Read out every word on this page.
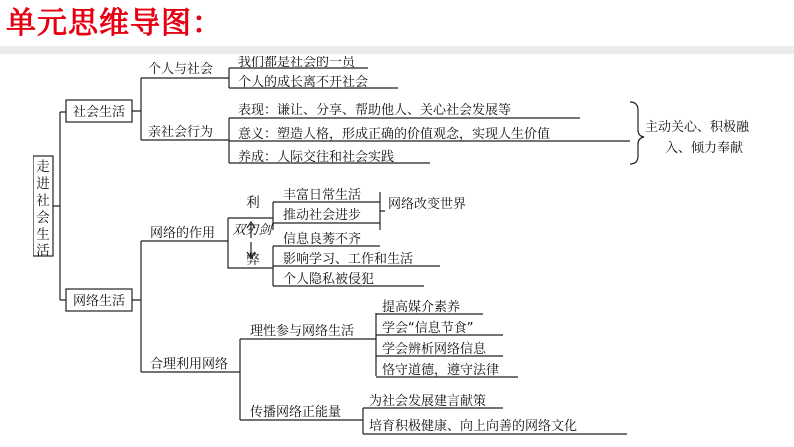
单元思维导图：
走
进
社
会
生
活
社会生活
个人与社会 我们都是社会的一员
个人的成长离不开社会
亲社会行为
表现：谦让、分享、帮助他人、关心社会发展等
意义：塑造人格，形成正确的价值观念，实现人生价值
养成：人际交往和社会实践
主动关心、积极融
入、倾力奉献
网络生活
网络的作用
利
双刃剑
弊
丰富日常生活
推动社会进步
网络改变世界
信息良莠不齐
影响学习、工作和生活
个人隐私被侵犯
合理利用网络
理性参与网络生活
提高媒介素养
学会“信息节食”
学会辨析网络信息
恪守道德，遵守法律
传播网络正能量
为社会发展建言献策
培育积极健康、向上向善的网络文化
